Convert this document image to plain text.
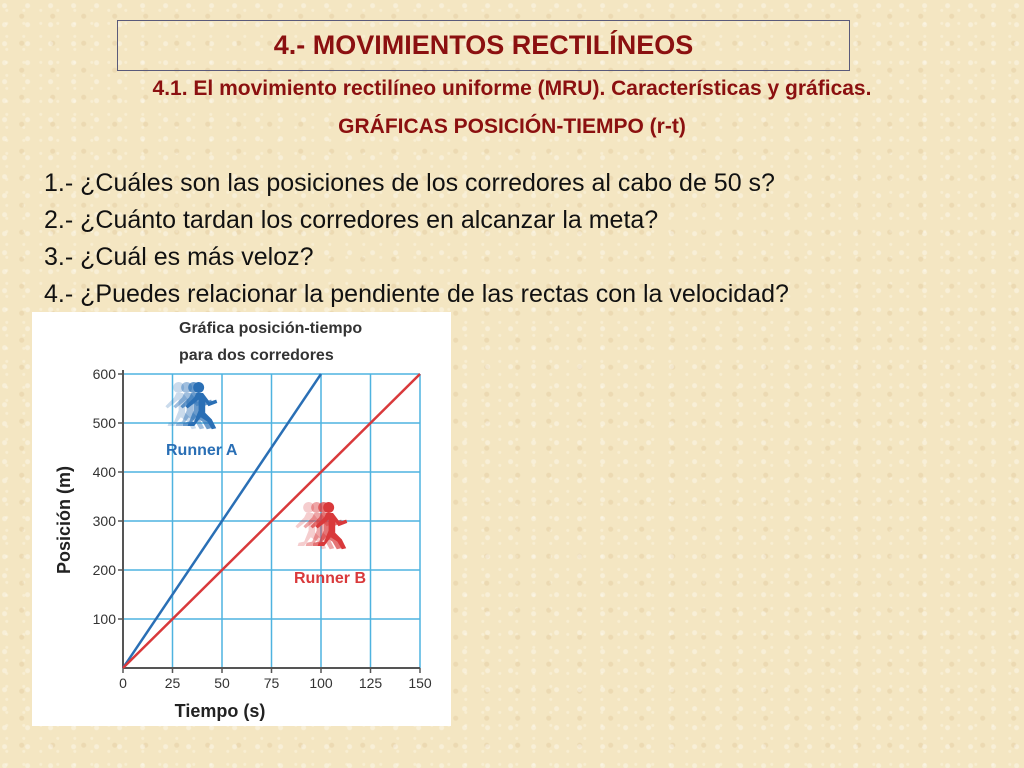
4.- MOVIMIENTOS RECTILÍNEOS
4.1. El movimiento rectilíneo uniforme (MRU). Características y gráficas.
GRÁFICAS POSICIÓN-TIEMPO (r-t)
1.- ¿Cuáles son las posiciones de los corredores al cabo de 50 s?
2.- ¿Cuánto tardan los corredores en alcanzar la meta?
3.- ¿Cuál es más veloz?
4.- ¿Puedes relacionar la pendiente de las rectas con la velocidad?
Gráfica posición-tiempo
para dos corredores
0	25 50 75 100 125 150
100
200
300
400
500
600
Runner A
Runner B
Tiempo (s)
Posición (m)
